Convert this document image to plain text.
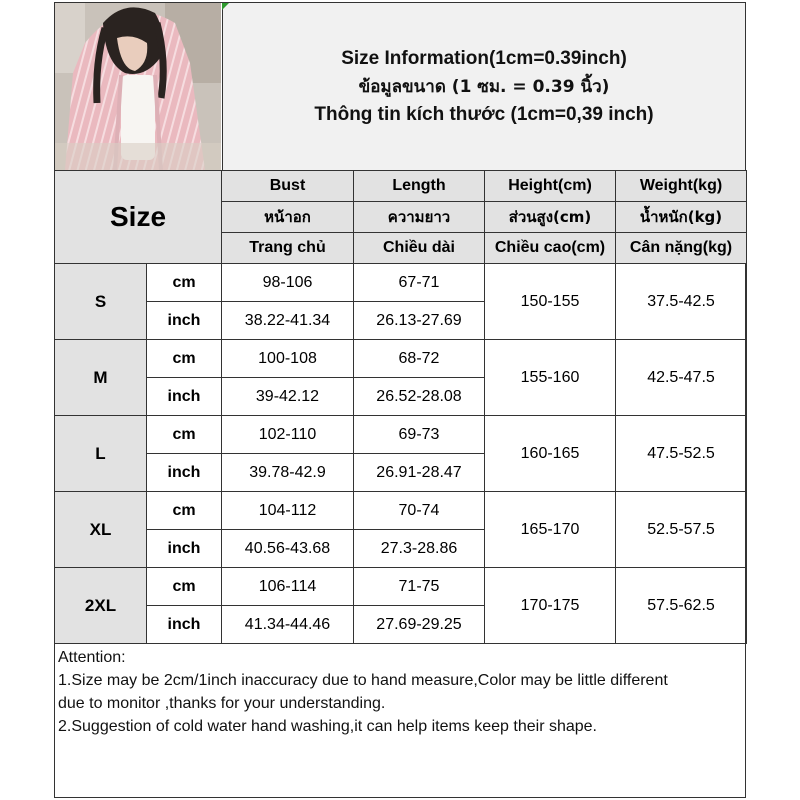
Size Information(1cm=0.39inch)
ข้อมูลขนาด (1 ซม. = 0.39 นิ้ว)
Thông tin kích thước (1cm=0,39 inch)
Size		Bust	Length	Height(cm)	Weight(kg)
		หน้าอก	ความยาว	ส่วนสูง(cm)	น้ำหนัก(kg)
		Trang chủ	Chiều dài	Chiều cao(cm)	Cân nặng(kg)
S	cm	98-106	67-71	150-155	37.5-42.5
	inch	38.22-41.34	26.13-27.69		
M	cm	100-108	68-72	155-160	42.5-47.5
	inch	39-42.12	26.52-28.08		
L	cm	102-110	69-73	160-165	47.5-52.5
	inch	39.78-42.9	26.91-28.47		
XL	cm	104-112	70-74	165-170	52.5-57.5
	inch	40.56-43.68	27.3-28.86		
2XL	cm	106-114	71-75	170-175	57.5-62.5
	inch	41.34-44.46	27.69-29.25		
Attention:
1.Size may be 2cm/1inch inaccuracy due to hand measure,Color may be little different
due to monitor ,thanks for your understanding.
2.Suggestion of cold water hand washing,it can help items keep their shape.
